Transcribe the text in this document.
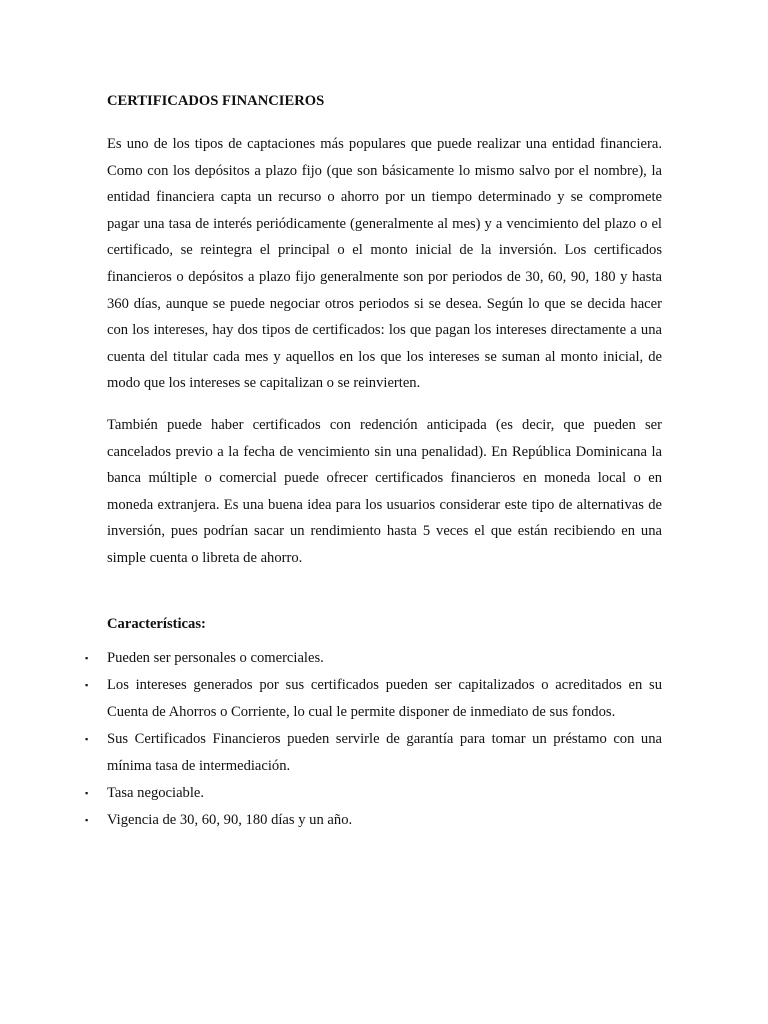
CERTIFICADOS FINANCIEROS

Es uno de los tipos de captaciones más populares que puede realizar una entidad financiera. Como con los depósitos a plazo fijo (que son básicamente lo mismo salvo por el nombre), la entidad financiera capta un recurso o ahorro por un tiempo determinado y se compromete pagar una tasa de interés periódicamente (generalmente al mes) y a vencimiento del plazo o el certificado, se reintegra el principal o el monto inicial de la inversión. Los certificados financieros o depósitos a plazo fijo generalmente son por periodos de 30, 60, 90, 180 y hasta 360 días, aunque se puede negociar otros periodos si se desea. Según lo que se decida hacer con los intereses, hay dos tipos de certificados: los que pagan los intereses directamente a una cuenta del titular cada mes y aquellos en los que los intereses se suman al monto inicial, de modo que los intereses se capitalizan o se reinvierten.

También puede haber certificados con redención anticipada (es decir, que pueden ser cancelados previo a la fecha de vencimiento sin una penalidad). En República Dominicana la banca múltiple o comercial puede ofrecer certificados financieros en moneda local o en moneda extranjera. Es una buena idea para los usuarios considerar este tipo de alternativas de inversión, pues podrían sacar un rendimiento hasta 5 veces el que están recibiendo en una simple cuenta o libreta de ahorro.

Características:
▪ Pueden ser personales o comerciales.
▪ Los intereses generados por sus certificados pueden ser capitalizados o acreditados en su Cuenta de Ahorros o Corriente, lo cual le permite disponer de inmediato de sus fondos.
▪ Sus Certificados Financieros pueden servirle de garantía para tomar un préstamo con una mínima tasa de intermediación.
▪ Tasa negociable.
▪ Vigencia de 30, 60, 90, 180 días y un año.
